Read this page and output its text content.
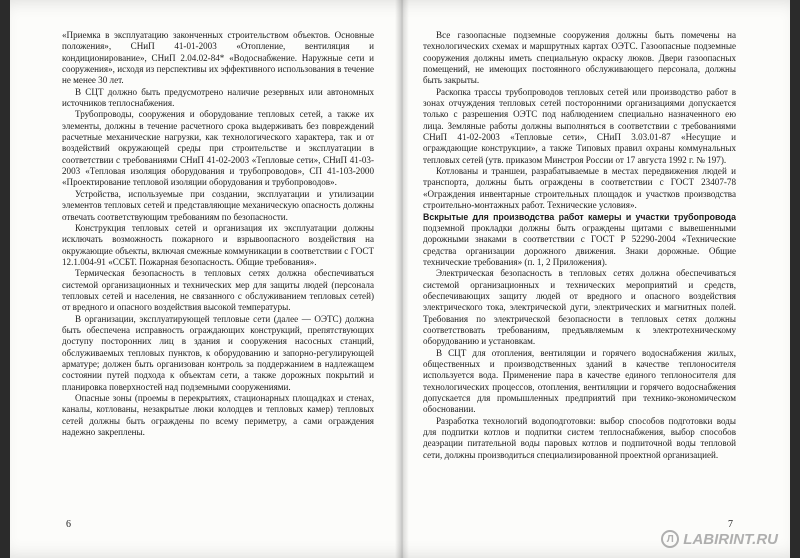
«Приемка в эксплуатацию законченных строительством объектов. Основные положения», СНиП 41-01-2003 «Отопление, вентиляция и кондиционирование», СНиП 2.04.02-84* «Водоснабжение. Наружные сети и сооружения», исходя из перспективы их эффективного использования в течение не менее 30 лет.

В СЦТ должно быть предусмотрено наличие резервных или автономных источников теплоснабжения.

Трубопроводы, сооружения и оборудование тепловых сетей, а также их элементы, должны в течение расчетного срока выдерживать без повреждений расчетные механические нагрузки, как технологического характера, так и от воздействий окружающей среды при строительстве и эксплуатации в соответствии с требованиями СНиП 41-02-2003 «Тепловые сети», СНиП 41-03-2003 «Тепловая изоляция оборудования и трубопроводов», СП 41-103-2000 «Проектирование тепловой изоляции оборудования и трубопроводов».

Устройства, используемые при создании, эксплуатации и утилизации элементов тепловых сетей и представляющие механическую опасность должны отвечать соответствующим требованиям по безопасности.

Конструкция тепловых сетей и организация их эксплуатации должны исключать возможность пожарного и взрывоопасного воздействия на окружающие объекты, включая смежные коммуникации в соответствии с ГОСТ 12.1.004-91 «ССБТ. Пожарная безопасность. Общие требования».

Термическая безопасность в тепловых сетях должна обеспечиваться системой организационных и технических мер для защиты людей (персонала тепловых сетей и населения, не связанного с обслуживанием тепловых сетей) от вредного и опасного воздействия высокой температуры.

В организации, эксплуатирующей тепловые сети (далее — ОЭТС) должна быть обеспечена исправность ограждающих конструкций, препятствующих доступу посторонних лиц в здания и сооружения насосных станций, обслуживаемых тепловых пунктов, к оборудованию и запорно-регулирующей арматуре; должен быть организован контроль за поддержанием в надлежащем состоянии путей подхода к объектам сети, а также дорожных покрытий и планировка поверхностей над подземными сооружениями.

Опасные зоны (проемы в перекрытиях, стационарных площадках и стенах, каналы, котлованы, незакрытые люки колодцев и тепловых камер) тепловых сетей должны быть ограждены по всему периметру, а сами ограждения надежно закреплены.

6

Все газоопасные подземные сооружения должны быть помечены на технологических схемах и маршрутных картах ОЭТС. Газоопасные подземные сооружения должны иметь специальную окраску люков. Двери газоопасных помещений, не имеющих постоянного обслуживающего персонала, должны быть закрыты.

Раскопка трассы трубопроводов тепловых сетей или производство работ в зонах отчуждения тепловых сетей посторонними организациями допускается только с разрешения ОЭТС под наблюдением специально назначенного ею лица. Земляные работы должны выполняться в соответствии с требованиями СНиП 41-02-2003 «Тепловые сети», СНиП 3.03.01-87 «Несущие и ограждающие конструкции», а также Типовых правил охраны коммунальных тепловых сетей (утв. приказом Минстроя России от 17 августа 1992 г. № 197).

Котлованы и траншеи, разрабатываемые в местах передвижения людей и транспорта, должны быть ограждены в соответствии с ГОСТ 23407-78 «Ограждения инвентарные строительных площадок и участков производства строительно-монтажных работ. Технические условия».

Вскрытые для производства работ камеры и участки трубопровода подземной прокладки должны быть ограждены щитами с вывешенными дорожными знаками в соответствии с ГОСТ Р 52290-2004 «Технические средства организации дорожного движения. Знаки дорожные. Общие технические требования» (п. 1, 2 Приложения).

Электрическая безопасность в тепловых сетях должна обеспечиваться системой организационных и технических мероприятий и средств, обеспечивающих защиту людей от вредного и опасного воздействия электрического тока, электрической дуги, электрических и магнитных полей. Требования по электрической безопасности в тепловых сетях должны соответствовать требованиям, предъявляемым к электротехническому оборудованию и установкам.

В СЦТ для отопления, вентиляции и горячего водоснабжения жилых, общественных и производственных зданий в качестве теплоносителя используется вода. Применение пара в качестве единого теплоносителя для технологических процессов, отопления, вентиляции и горячего водоснабжения допускается для промышленных предприятий при технико-экономическом обосновании.

Разработка технологий водоподготовки: выбор способов подготовки воды для подпитки котлов и подпитки систем теплоснабжения, выбор способов деаэрации питательной воды паровых котлов и подпиточной воды тепловой сети, должны производиться специализированной проектной организацией.

7
Л LABIRINT.RU
